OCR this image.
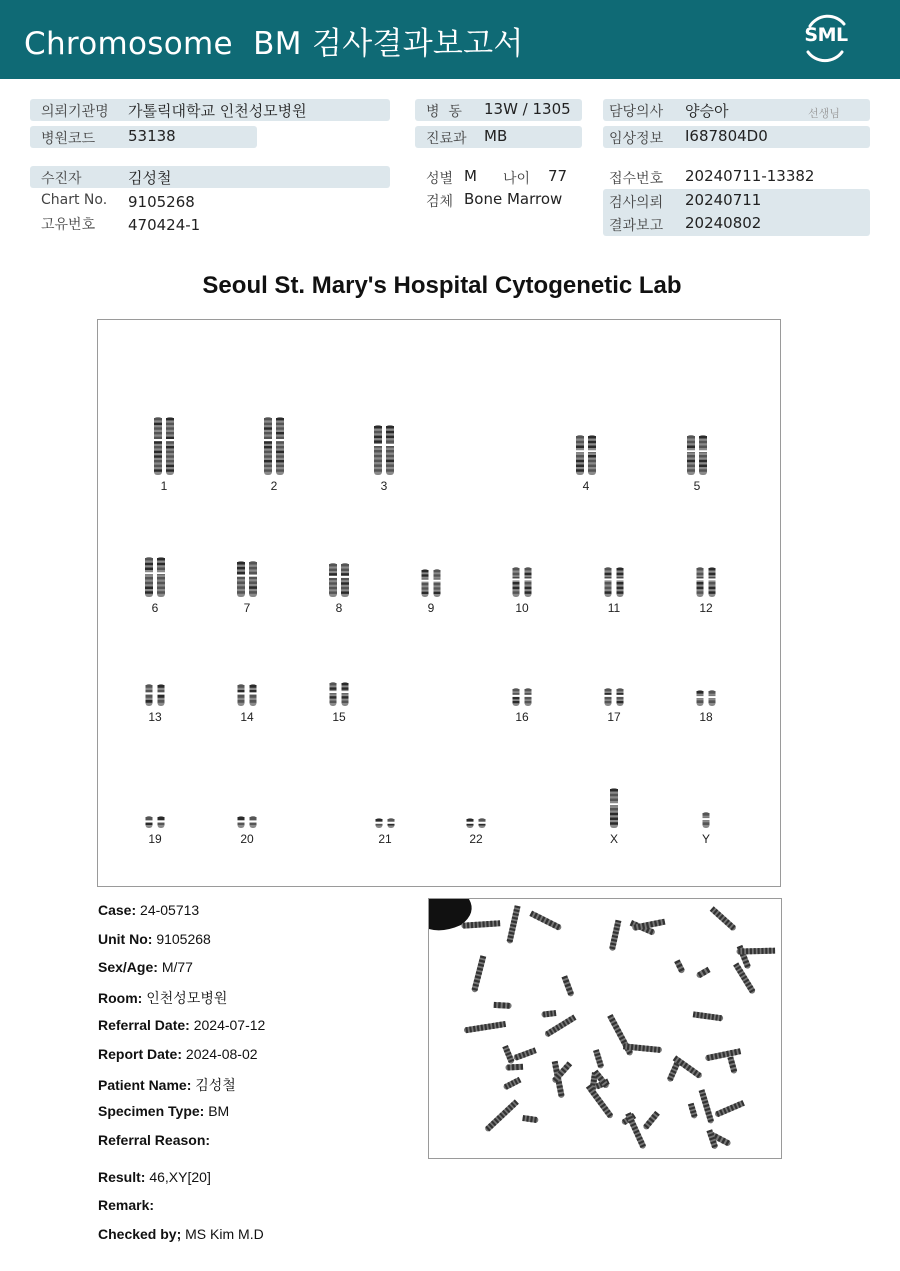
Chromosome  BM 검사결과보고서	SML
의뢰기관명 가톨릭대학교 인천성모병원
병원코드 53138
수진자	김성철
Chart No. 9105268
고유번호 470424-1
병  동 13W / 1305
진료과 MB
성별 M 나이 77
검체 Bone Marrow
담당의사 양승아	선생님
임상정보 I687804D0
접수번호 20240711-13382
검사의뢰 20240711
결과보고 20240802
Seoul St. Mary's Hospital Cytogenetic Lab
1	2	3	4	5
6	7	8	9	10	11	12
13	14	15	16	17	18
19	20	21	22	X	Y
Case: 24-05713
Unit No: 9105268
Sex/Age: M/77
Room: 인천성모병원
Referral Date: 2024-07-12
Report Date: 2024-08-02
Patient Name: 김성철
Specimen Type: BM
Referral Reason:
Result: 46,XY[20]
Remark:
Checked by; MS Kim M.D
